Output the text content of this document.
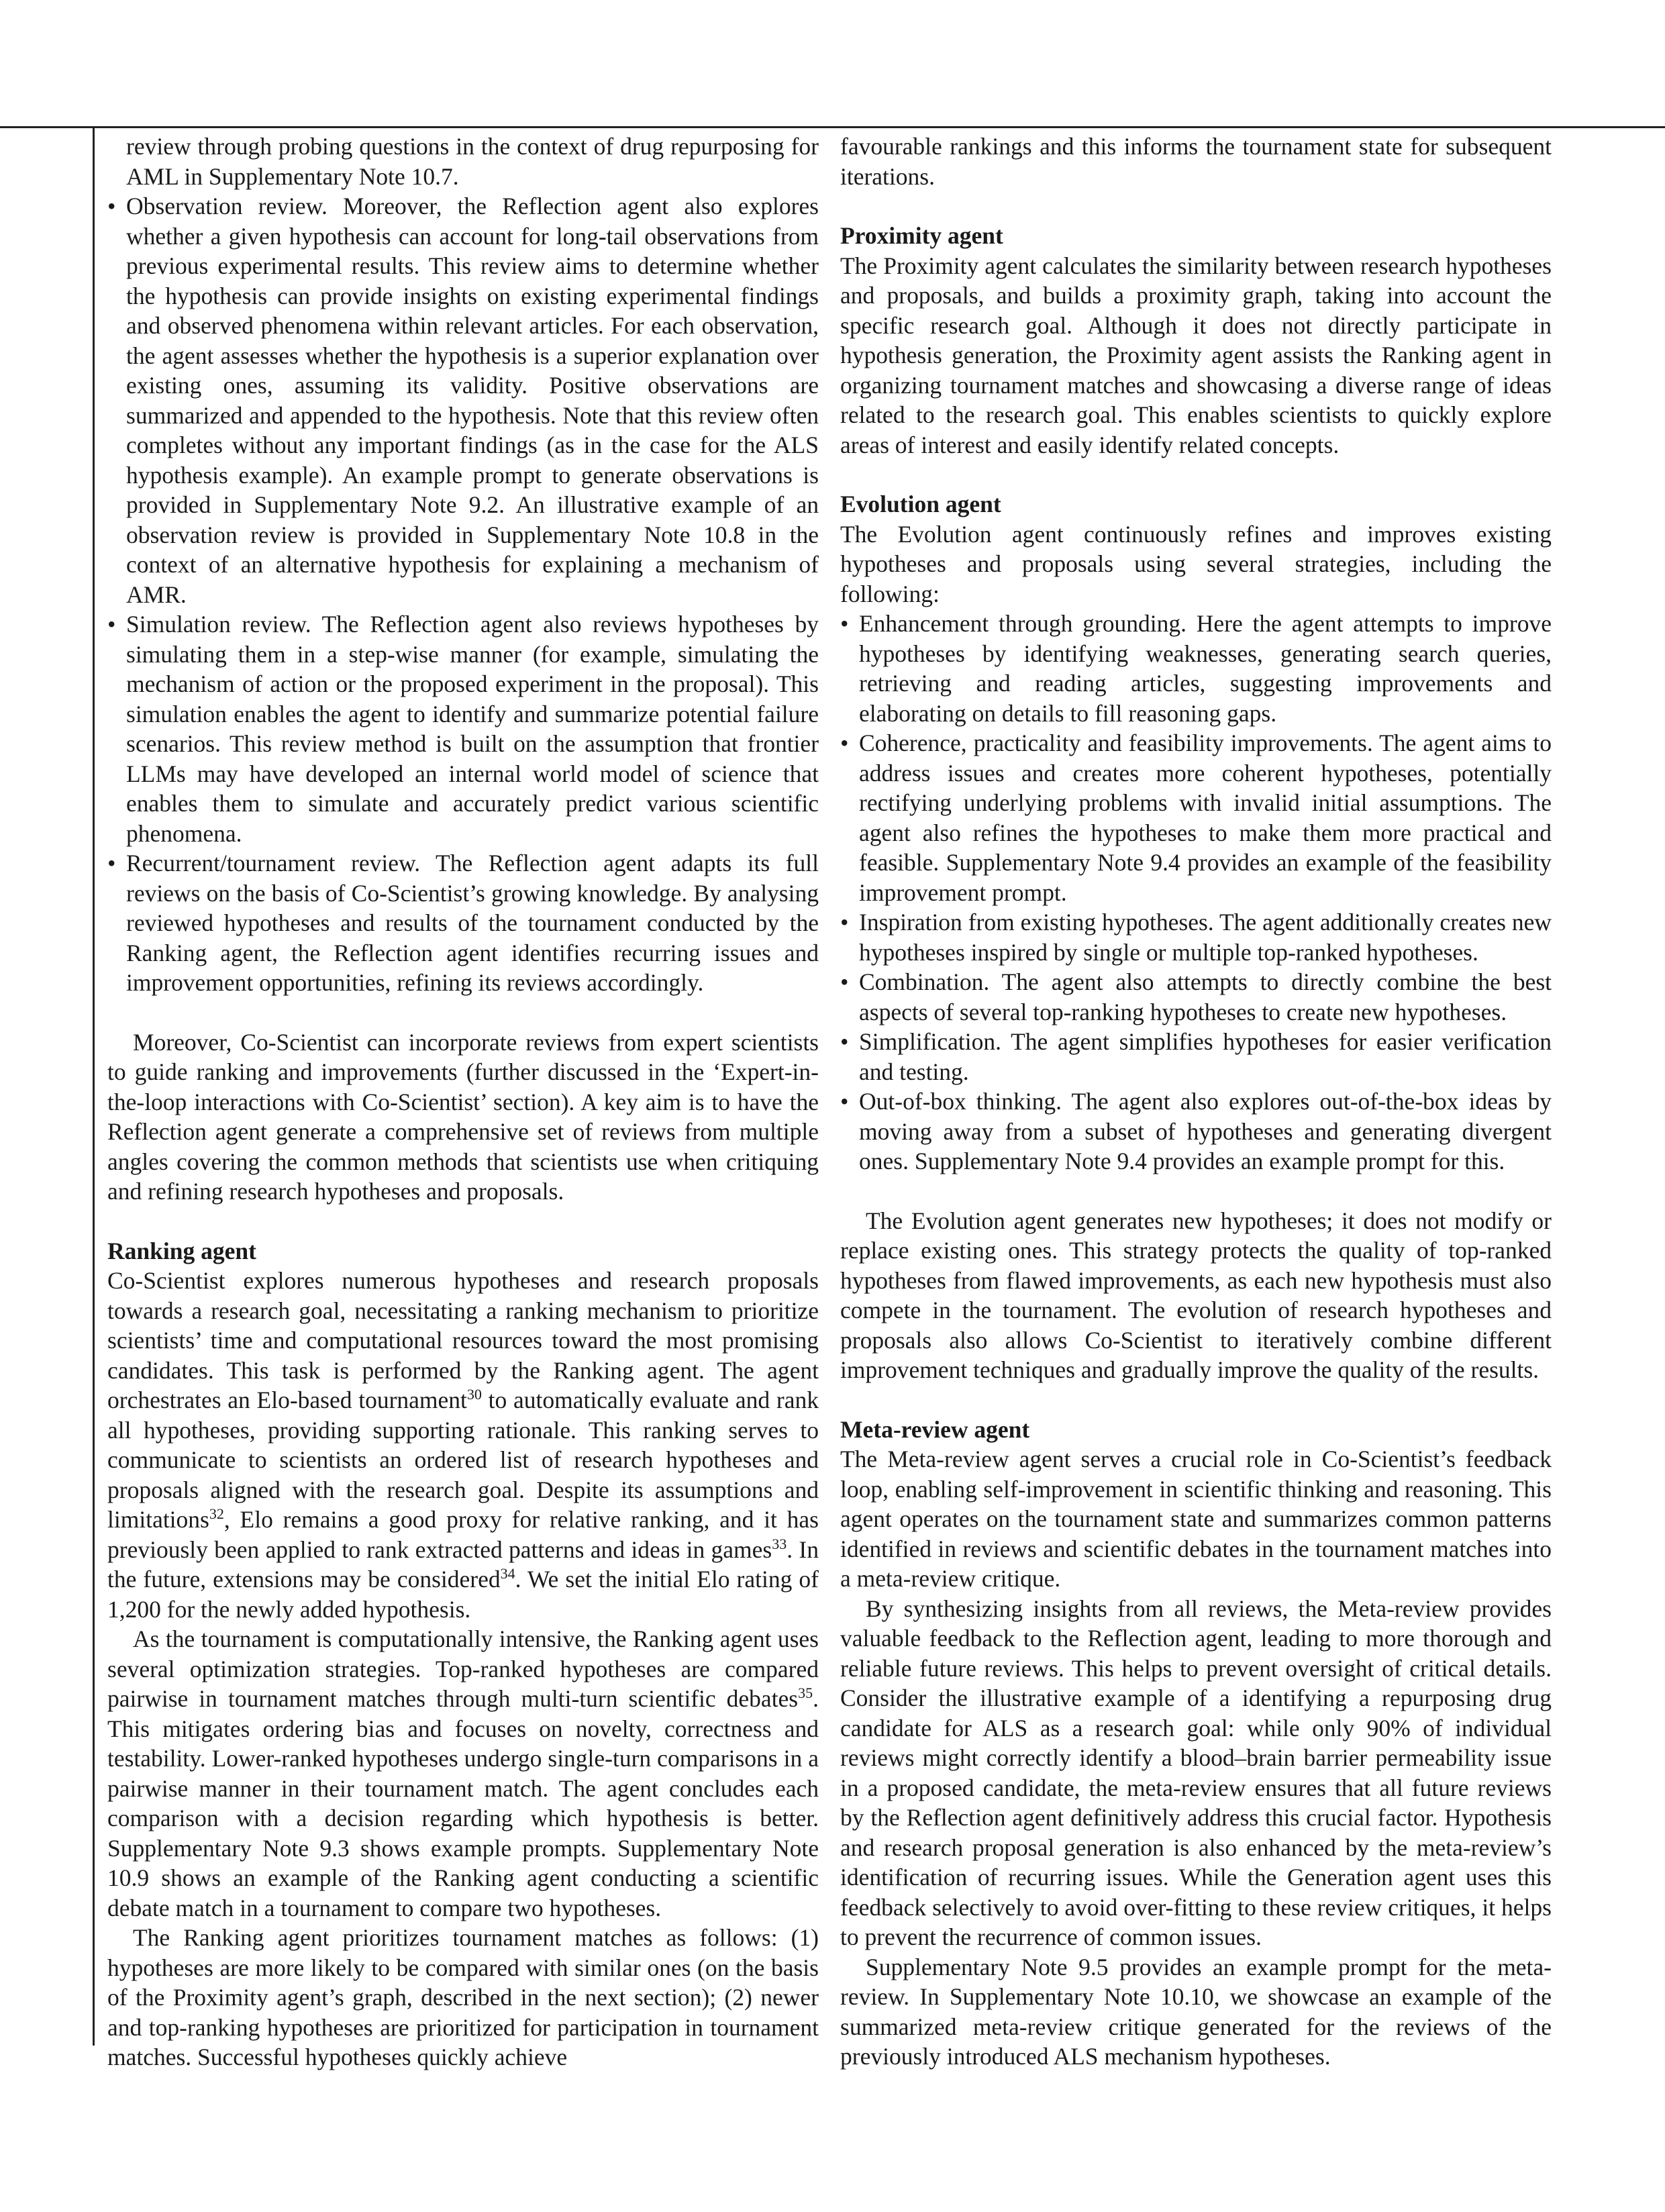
review through probing questions in the context of drug repurposing for AML in Supplementary Note 10.7.

• Observation review. Moreover, the Reflection agent also explores whether a given hypothesis can account for long-tail observations from previous experimental results. This review aims to determine whether the hypothesis can provide insights on existing experimental findings and observed phenomena within relevant articles. For each observation, the agent assesses whether the hypothesis is a superior explanation over existing ones, assuming its validity. Positive observations are summarized and appended to the hypothesis. Note that this review often completes without any important findings (as in the case for the ALS hypothesis example). An example prompt to generate observations is provided in Supplementary Note 9.2. An illustrative example of an observation review is provided in Supplementary Note 10.8 in the context of an alternative hypothesis for explaining a mechanism of AMR.
• Simulation review. The Reflection agent also reviews hypotheses by simulating them in a step-wise manner (for example, simulating the mechanism of action or the proposed experiment in the proposal). This simulation enables the agent to identify and summarize potential failure scenarios. This review method is built on the assumption that frontier LLMs may have developed an internal world model of science that enables them to simulate and accurately predict various scientific phenomena.
• Recurrent/tournament review. The Reflection agent adapts its full reviews on the basis of Co-Scientist’s growing knowledge. By analysing reviewed hypotheses and results of the tournament conducted by the Ranking agent, the Reflection agent identifies recurring issues and improvement opportunities, refining its reviews accordingly.

Moreover, Co-Scientist can incorporate reviews from expert scientists to guide ranking and improvements (further discussed in the ‘Expert-in-the-loop interactions with Co-Scientist’ section). A key aim is to have the Reflection agent generate a comprehensive set of reviews from multiple angles covering the common methods that scientists use when critiquing and refining research hypotheses and proposals.

Ranking agent

Co-Scientist explores numerous hypotheses and research proposals towards a research goal, necessitating a ranking mechanism to prioritize scientists’ time and computational resources toward the most promising candidates. This task is performed by the Ranking agent. The agent orchestrates an Elo-based tournament$^{30}$ to automatically evaluate and rank all hypotheses, providing supporting rationale. This ranking serves to communicate to scientists an ordered list of research hypotheses and proposals aligned with the research goal. Despite its assumptions and limitations$^{32}$, Elo remains a good proxy for relative ranking, and it has previously been applied to rank extracted patterns and ideas in games$^{33}$. In the future, extensions may be considered$^{34}$. We set the initial Elo rating of 1,200 for the newly added hypothesis.

As the tournament is computationally intensive, the Ranking agent uses several optimization strategies. Top-ranked hypotheses are compared pairwise in tournament matches through multi-turn scientific debates$^{35}$. This mitigates ordering bias and focuses on novelty, correctness and testability. Lower-ranked hypotheses undergo single-turn comparisons in a pairwise manner in their tournament match. The agent concludes each comparison with a decision regarding which hypothesis is better. Supplementary Note 9.3 shows example prompts. Supplementary Note 10.9 shows an example of the Ranking agent conducting a scientific debate match in a tournament to compare two hypotheses.

The Ranking agent prioritizes tournament matches as follows: (1) hypotheses are more likely to be compared with similar ones (on the basis of the Proximity agent’s graph, described in the next section); (2) newer and top-ranking hypotheses are prioritized for participation in tournament matches. Successful hypotheses quickly achieve

favourable rankings and this informs the tournament state for subsequent iterations.

Proximity agent

The Proximity agent calculates the similarity between research hypotheses and proposals, and builds a proximity graph, taking into account the specific research goal. Although it does not directly participate in hypothesis generation, the Proximity agent assists the Ranking agent in organizing tournament matches and showcasing a diverse range of ideas related to the research goal. This enables scientists to quickly explore areas of interest and easily identify related concepts.

Evolution agent

The Evolution agent continuously refines and improves existing hypotheses and proposals using several strategies, including the following:

• Enhancement through grounding. Here the agent attempts to improve hypotheses by identifying weaknesses, generating search queries, retrieving and reading articles, suggesting improvements and elaborating on details to fill reasoning gaps.
• Coherence, practicality and feasibility improvements. The agent aims to address issues and creates more coherent hypotheses, potentially rectifying underlying problems with invalid initial assumptions. The agent also refines the hypotheses to make them more practical and feasible. Supplementary Note 9.4 provides an example of the feasibility improvement prompt.
• Inspiration from existing hypotheses. The agent additionally creates new hypotheses inspired by single or multiple top-ranked hypotheses.
• Combination. The agent also attempts to directly combine the best aspects of several top-ranking hypotheses to create new hypotheses.
• Simplification. The agent simplifies hypotheses for easier verification and testing.
• Out-of-box thinking. The agent also explores out-of-the-box ideas by moving away from a subset of hypotheses and generating divergent ones. Supplementary Note 9.4 provides an example prompt for this.

The Evolution agent generates new hypotheses; it does not modify or replace existing ones. This strategy protects the quality of top-ranked hypotheses from flawed improvements, as each new hypothesis must also compete in the tournament. The evolution of research hypotheses and proposals also allows Co-Scientist to iteratively combine different improvement techniques and gradually improve the quality of the results.

Meta-review agent

The Meta-review agent serves a crucial role in Co-Scientist’s feedback loop, enabling self-improvement in scientific thinking and reasoning. This agent operates on the tournament state and summarizes common patterns identified in reviews and scientific debates in the tournament matches into a meta-review critique.

By synthesizing insights from all reviews, the Meta-review provides valuable feedback to the Reflection agent, leading to more thorough and reliable future reviews. This helps to prevent oversight of critical details. Consider the illustrative example of a identifying a repurposing drug candidate for ALS as a research goal: while only 90% of individual reviews might correctly identify a blood–brain barrier permeability issue in a proposed candidate, the meta-review ensures that all future reviews by the Reflection agent definitively address this crucial factor. Hypothesis and research proposal generation is also enhanced by the meta-review’s identification of recurring issues. While the Generation agent uses this feedback selectively to avoid over-fitting to these review critiques, it helps to prevent the recurrence of common issues.

Supplementary Note 9.5 provides an example prompt for the meta-review. In Supplementary Note 10.10, we showcase an example of the summarized meta-review critique generated for the reviews of the previously introduced ALS mechanism hypotheses.
